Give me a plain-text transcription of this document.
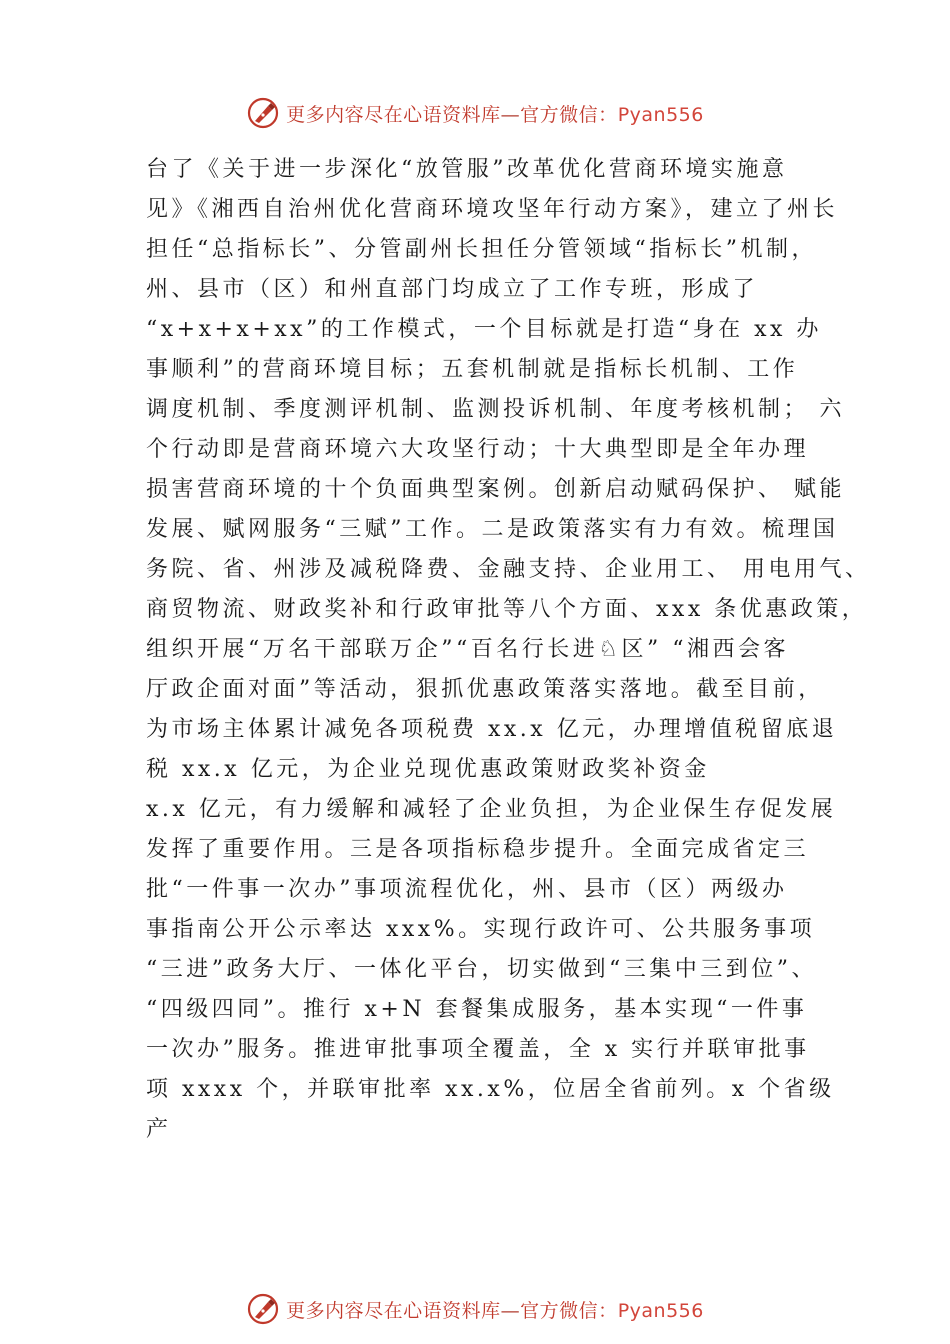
更多内容尽在心语资料库—官方微信：Pyan556
台了《关于进一步深化“放管服”改革优化营商环境实施意
见》《湘西自治州优化营商环境攻坚年行动方案》，建立了州长
担任“总指标长”、分管副州长担任分管领域“指标长”机制，
州、县市（区）和州直部门均成立了工作专班，形成了
“x+x+x+xx”的工作模式，一个目标就是打造“身在 xx 办
事顺利”的营商环境目标；五套机制就是指标长机制、工作
调度机制、季度测评机制、监测投诉机制、年度考核机制； 六
个行动即是营商环境六大攻坚行动；十大典型即是全年办理
损害营商环境的十个负面典型案例。创新启动赋码保护、 赋能
发展、赋网服务“三赋”工作。二是政策落实有力有效。梳理国
务院、省、州涉及减税降费、金融支持、企业用工、 用电用气、
商贸物流、财政奖补和行政审批等八个方面、xxx 条优惠政策，
组织开展“万名干部联万企”“百名行长进♘区” “湘西会客
厅政企面对面”等活动，狠抓优惠政策落实落地。截至目前，
为市场主体累计减免各项税费 xx.x 亿元，办理增值税留底退
税 xx.x 亿元，为企业兑现优惠政策财政奖补资金
x.x 亿元，有力缓解和减轻了企业负担，为企业保生存促发展
发挥了重要作用。三是各项指标稳步提升。全面完成省定三
批“一件事一次办”事项流程优化，州、县市（区）两级办
事指南公开公示率达 xxx%。实现行政许可、公共服务事项
“三进”政务大厅、一体化平台，切实做到“三集中三到位”、
“四级四同”。推行 x+N 套餐集成服务，基本实现“一件事
一次办”服务。推进审批事项全覆盖，全 x 实行并联审批事
项 xxxx 个，并联审批率 xx.x%，位居全省前列。x 个省级
产
更多内容尽在心语资料库—官方微信：Pyan556
